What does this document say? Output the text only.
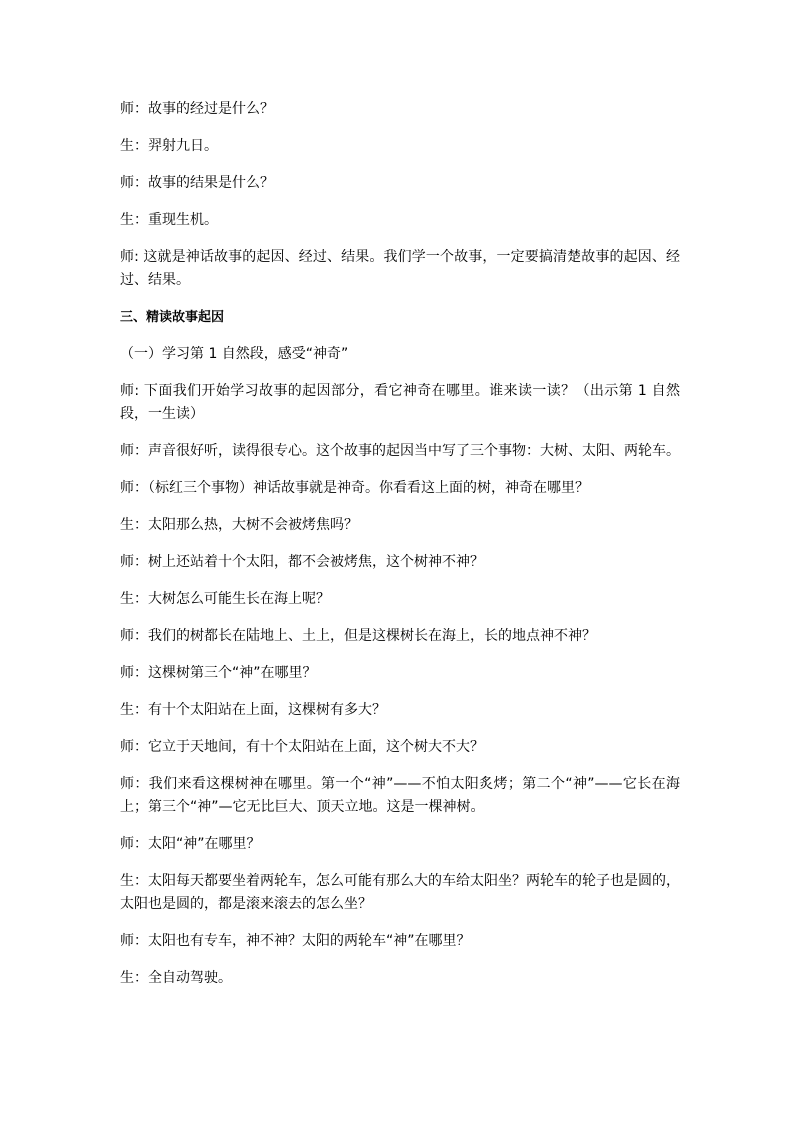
师：故事的经过是什么？

生：羿射九日。

师：故事的结果是什么？

生：重现生机。

师: 这就是神话故事的起因、经过、结果。我们学一个故事，一定要搞清楚故事的起因、经过、结果。

三、精读故事起因

（一）学习第 1 自然段，感受“神奇”

师: 下面我们开始学习故事的起因部分，看它神奇在哪里。谁来读一读？（出示第 1 自然段，一生读）

师：声音很好听，读得很专心。这个故事的起因当中写了三个事物：大树、太阳、两轮车。

师：（标红三个事物）神话故事就是神奇。你看看这上面的树，神奇在哪里？

生：太阳那么热，大树不会被烤焦吗？

师：树上还站着十个太阳，都不会被烤焦，这个树神不神？

生：大树怎么可能生长在海上呢？

师：我们的树都长在陆地上、土上，但是这棵树长在海上，长的地点神不神？

师：这棵树第三个“神”在哪里？

生：有十个太阳站在上面，这棵树有多大？

师：它立于天地间，有十个太阳站在上面，这个树大不大？

师：我们来看这棵树神在哪里。第一个“神”——不怕太阳炙烤；第二个“神”——它长在海上；第三个“神”—它无比巨大、顶天立地。这是一棵神树。

师：太阳“神”在哪里？

生：太阳每天都要坐着两轮车，怎么可能有那么大的车给太阳坐？两轮车的轮子也是圆的，太阳也是圆的，都是滚来滚去的怎么坐？

师：太阳也有专车，神不神？太阳的两轮车“神”在哪里？

生：全自动驾驶。
